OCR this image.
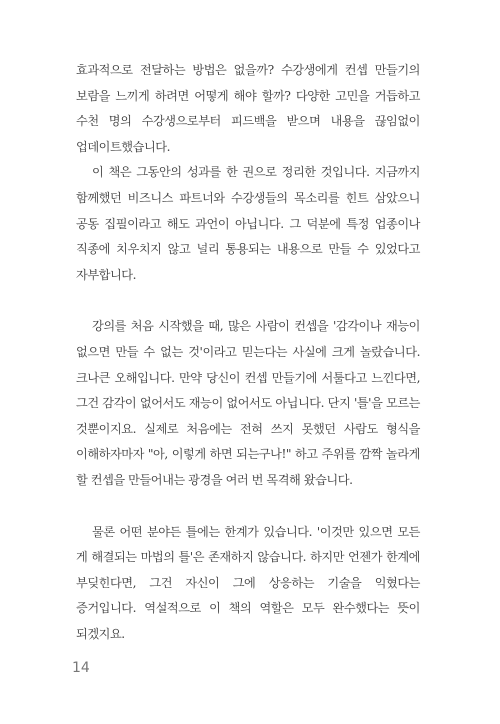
효과적으로 전달하는 방법은 없을까? 수강생에게 컨셉 만들기의 보람을 느끼게 하려면 어떻게 해야 할까? 다양한 고민을 거듭하고 수천 명의 수강생으로부터 피드백을 받으며 내용을 끊임없이 업데이트했습니다.

이 책은 그동안의 성과를 한 권으로 정리한 것입니다. 지금까지 함께했던 비즈니스 파트너와 수강생들의 목소리를 힌트 삼았으니 공동 집필이라고 해도 과언이 아닙니다. 그 덕분에 특정 업종이나 직종에 치우치지 않고 널리 통용되는 내용으로 만들 수 있었다고 자부합니다.

강의를 처음 시작했을 때, 많은 사람이 컨셉을 '감각이나 재능이 없으면 만들 수 없는 것'이라고 믿는다는 사실에 크게 놀랐습니다. 크나큰 오해입니다. 만약 당신이 컨셉 만들기에 서툴다고 느낀다면, 그건 감각이 없어서도 재능이 없어서도 아닙니다. 단지 '틀'을 모르는 것뿐이지요. 실제로 처음에는 전혀 쓰지 못했던 사람도 형식을 이해하자마자 "아, 이렇게 하면 되는구나!" 하고 주위를 깜짝 놀라게 할 컨셉을 만들어내는 광경을 여러 번 목격해 왔습니다.

물론 어떤 분야든 틀에는 한계가 있습니다. '이것만 있으면 모든 게 해결되는 마법의 틀'은 존재하지 않습니다. 하지만 언젠가 한계에 부딪힌다면, 그건 자신이 그에 상응하는 기술을 익혔다는 증거입니다. 역설적으로 이 책의 역할은 모두 완수했다는 뜻이 되겠지요.

14
